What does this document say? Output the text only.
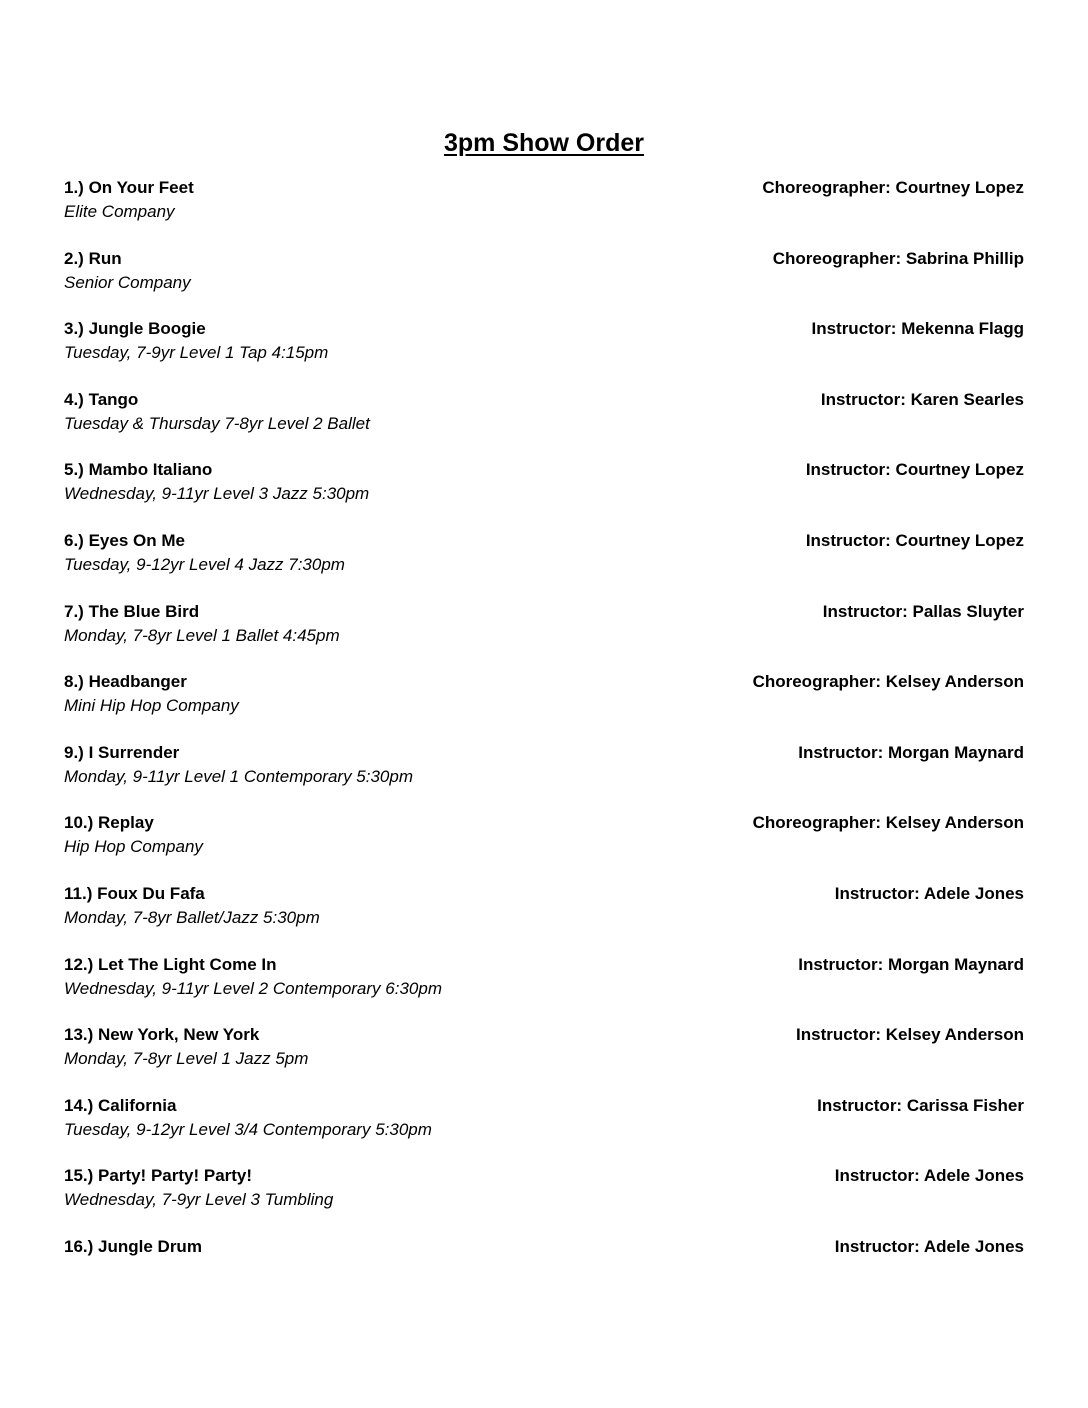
3pm Show Order
1.) On Your Feet	Choreographer: Courtney Lopez
Elite Company
2.) Run	Choreographer: Sabrina Phillip
Senior Company
3.) Jungle Boogie	Instructor: Mekenna Flagg
Tuesday, 7-9yr Level 1 Tap 4:15pm
4.) Tango	Instructor: Karen Searles
Tuesday & Thursday 7-8yr Level 2 Ballet
5.) Mambo Italiano	Instructor: Courtney Lopez
Wednesday, 9-11yr Level 3 Jazz 5:30pm
6.) Eyes On Me	Instructor: Courtney Lopez
Tuesday, 9-12yr Level 4 Jazz 7:30pm
7.) The Blue Bird	Instructor: Pallas Sluyter
Monday, 7-8yr Level 1 Ballet 4:45pm
8.) Headbanger	Choreographer: Kelsey Anderson
Mini Hip Hop Company
9.) I Surrender	Instructor: Morgan Maynard
Monday, 9-11yr Level 1 Contemporary 5:30pm
10.) Replay	Choreographer: Kelsey Anderson
Hip Hop Company
11.) Foux Du Fafa	Instructor: Adele Jones
Monday, 7-8yr Ballet/Jazz 5:30pm
12.) Let The Light Come In	Instructor: Morgan Maynard
Wednesday, 9-11yr Level 2 Contemporary 6:30pm
13.) New York, New York	Instructor: Kelsey Anderson
Monday, 7-8yr Level 1 Jazz 5pm
14.) California	Instructor: Carissa Fisher
Tuesday, 9-12yr Level 3/4 Contemporary 5:30pm
15.) Party! Party! Party!	Instructor: Adele Jones
Wednesday, 7-9yr Level 3 Tumbling
16.) Jungle Drum	Instructor: Adele Jones
